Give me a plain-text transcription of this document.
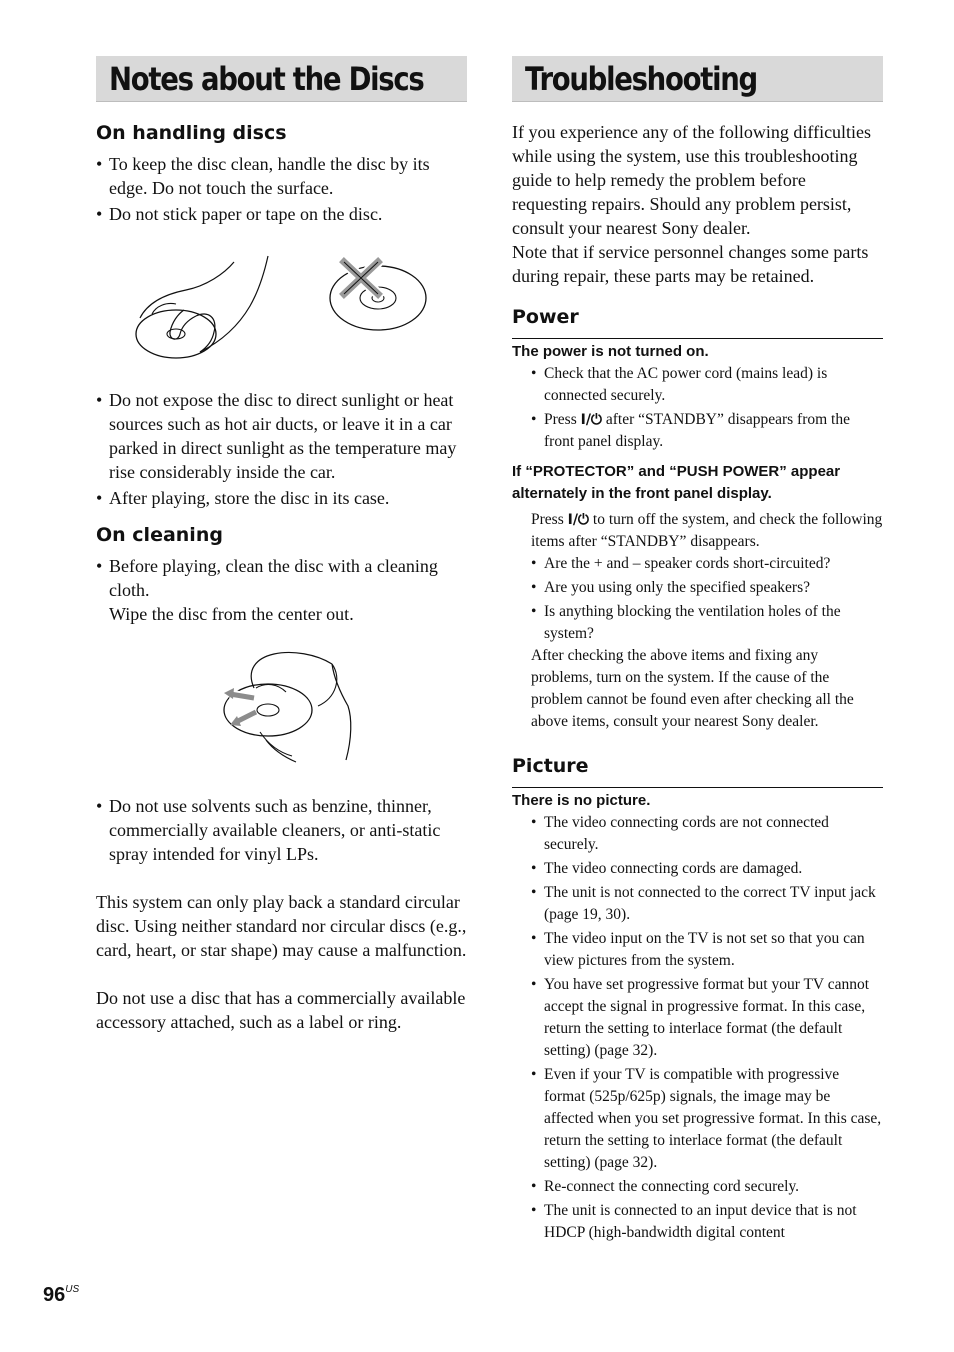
Notes about the Discs	Troubleshooting
On handling discs
• To keep the disc clean, handle the disc by its edge. Do not touch the surface.
• Do not stick paper or tape on the disc.
• Do not expose the disc to direct sunlight or heat sources such as hot air ducts, or leave it in a car parked in direct sunlight as the temperature may rise considerably inside the car.
• After playing, store the disc in its case.
On cleaning
• Before playing, clean the disc with a cleaning cloth.
Wipe the disc from the center out.
• Do not use solvents such as benzine, thinner, commercially available cleaners, or anti-static spray intended for vinyl LPs.

This system can only play back a standard circular disc. Using neither standard nor circular discs (e.g., card, heart, or star shape) may cause a malfunction.

Do not use a disc that has a commercially available accessory attached, such as a label or ring.

If you experience any of the following difficulties while using the system, use this troubleshooting guide to help remedy the problem before requesting repairs. Should any problem persist, consult your nearest Sony dealer.
Note that if service personnel changes some parts during repair, these parts may be retained.
Power
The power is not turned on.
• Check that the AC power cord (mains lead) is connected securely.
• Press I/⏻ after “STANDBY” disappears from the front panel display.
If “PROTECTOR” and “PUSH POWER” appear alternately in the front panel display.
Press I/⏻ to turn off the system, and check the following items after “STANDBY” disappears.
• Are the + and – speaker cords short-circuited?
• Are you using only the specified speakers?
• Is anything blocking the ventilation holes of the system?
After checking the above items and fixing any problems, turn on the system. If the cause of the problem cannot be found even after checking all the above items, consult your nearest Sony dealer.
Picture
There is no picture.
• The video connecting cords are not connected securely.
• The video connecting cords are damaged.
• The unit is not connected to the correct TV input jack (page 19, 30).
• The video input on the TV is not set so that you can view pictures from the system.
• You have set progressive format but your TV cannot accept the signal in progressive format. In this case, return the setting to interlace format (the default setting) (page 32).
• Even if your TV is compatible with progressive format (525p/625p) signals, the image may be affected when you set progressive format. In this case, return the setting to interlace format (the default setting) (page 32).
• Re-connect the connecting cord securely.
• The unit is connected to an input device that is not HDCP (high-bandwidth digital content
$96^{US}$
